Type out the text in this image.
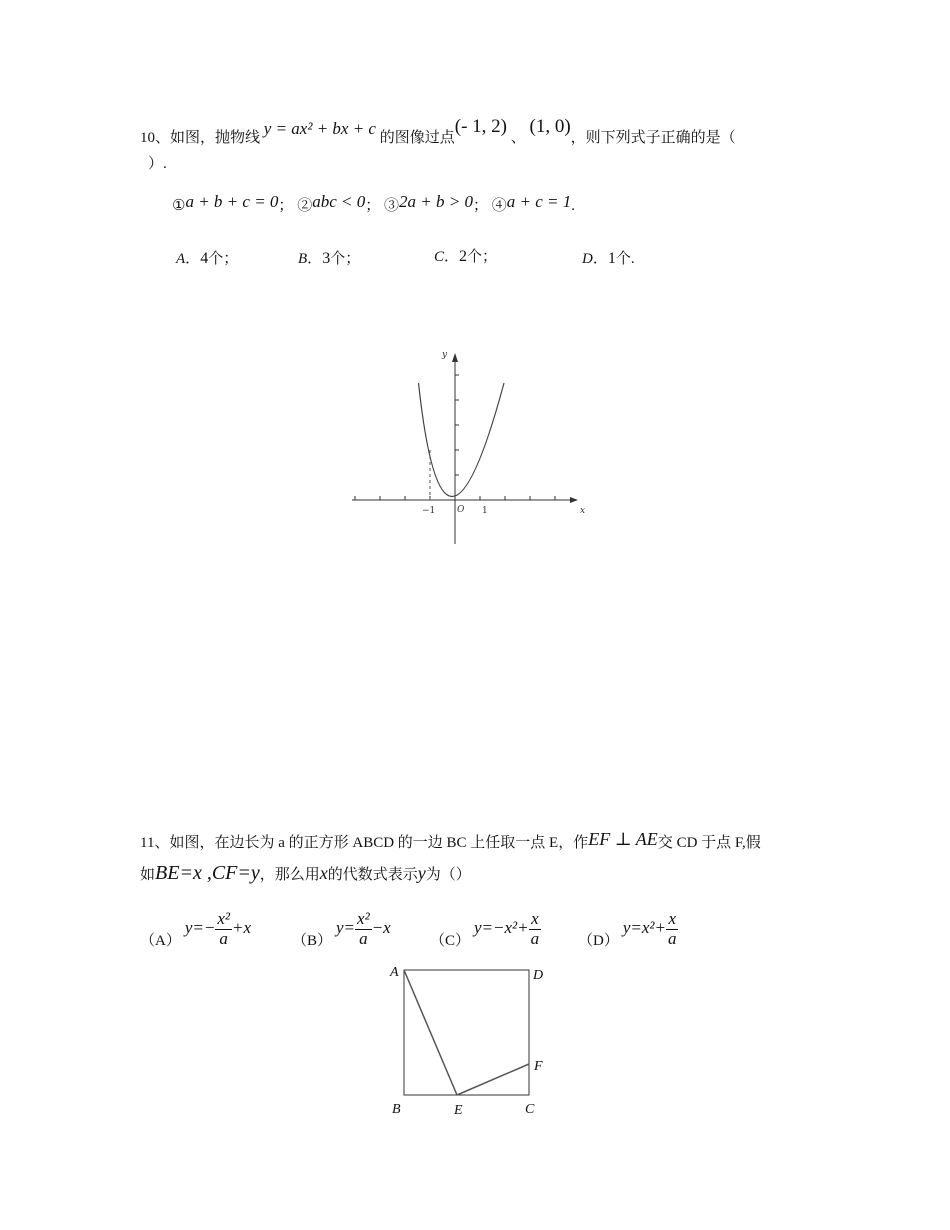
10、如图，抛物线 y = ax² + bx + c 的图像过点(- 1, 2) 、 (1, 0)，则下列式子正确的是（
）.
①a + b + c = 0； ②abc < 0； ③2a + b > 0； ④a + c = 1.
A．4个；	B．3个；	C．2个；	D．1个.
y
x
O
−1	1
11、如图，在边长为 a 的正方形 ABCD 的一边 BC 上任取一点 E，作EF ⊥ AE交 CD 于点 F,假
如BE=x ,CF=y，那么用x的代数式表示y为（）
（A） $y=- \frac{\text{x²}}{a} +x$
（B） $y= \frac{\text{x²}}{a} -x$
（C） $y=-x^2+ \frac{x}{a} (D)$ $y=x^2+ \frac{x}{a}$
A	D
F
B	E	C
